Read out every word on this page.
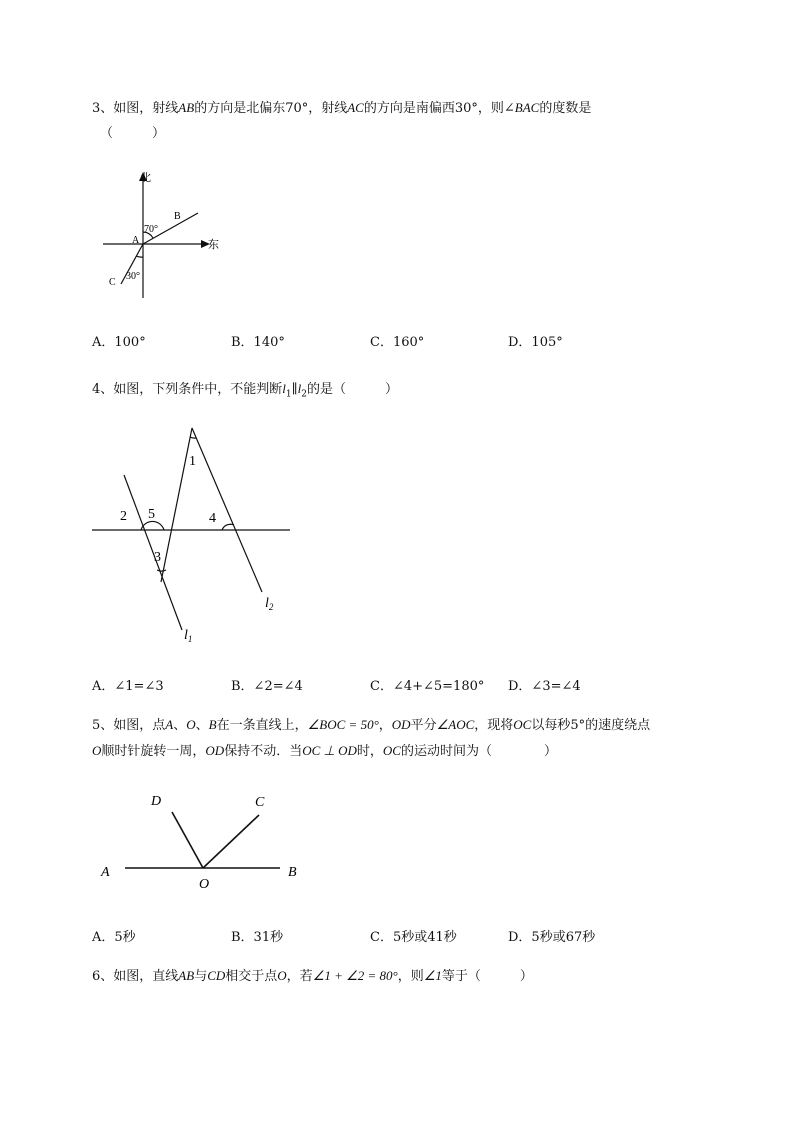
3、如图，射线AB的方向是北偏东70°，射线AC的方向是南偏西30°，则∠BAC的度数是
（　　　）
北
东
A
B
C
70°
30°
A．100°	B．140°	C．160°	D．105°
4、如图，下列条件中，不能判断$l_1\parallel l_2$的是（　　　）
1
2 5
3
4
$l_2$
$l_1$
A．∠1=∠3	B．∠2=∠4	C．∠4+∠5=180° D．∠3=∠4
5、如图，点A、O、B在一条直线上，∠BOC = 50°，OD平分∠AOC，现将OC以每秒5°的速度绕点
O顺时针旋转一周，OD保持不动．当OC ⊥ OD时，OC的运动时间为（　　　　）
A	B
O
D	C
A．5秒	B．31秒	C．5秒或41秒	D．5秒或67秒
6、如图，直线AB与CD相交于点O，若∠1 + ∠2 = 80°，则∠1等于（　　　）
